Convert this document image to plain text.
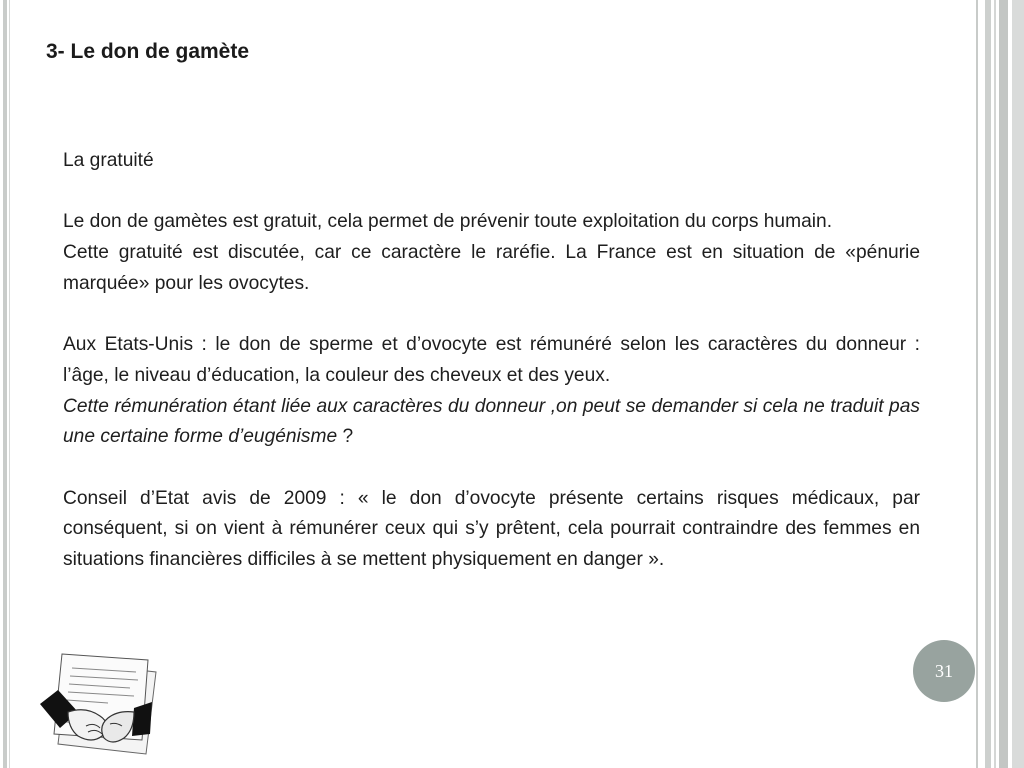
3- Le don de gamète

La gratuité

Le don de gamètes est gratuit, cela permet de prévenir toute exploitation du corps humain.

Cette gratuité est discutée, car ce caractère le raréfie. La France est en situation de «pénurie marquée» pour les ovocytes.

Aux Etats-Unis : le don de sperme et d’ovocyte est rémunéré selon les caractères du donneur : l’âge, le niveau d’éducation, la couleur des cheveux et des yeux.

Cette rémunération étant liée aux caractères du donneur ,on peut se demander si cela ne traduit pas une certaine forme d’eugénisme ?

Conseil d’Etat avis de 2009 : « le don d’ovocyte présente certains risques médicaux, par conséquent, si on vient à rémunérer ceux qui s’y prêtent, cela pourrait contraindre des femmes en situations financières difficiles à se mettent physiquement en danger ».

31
